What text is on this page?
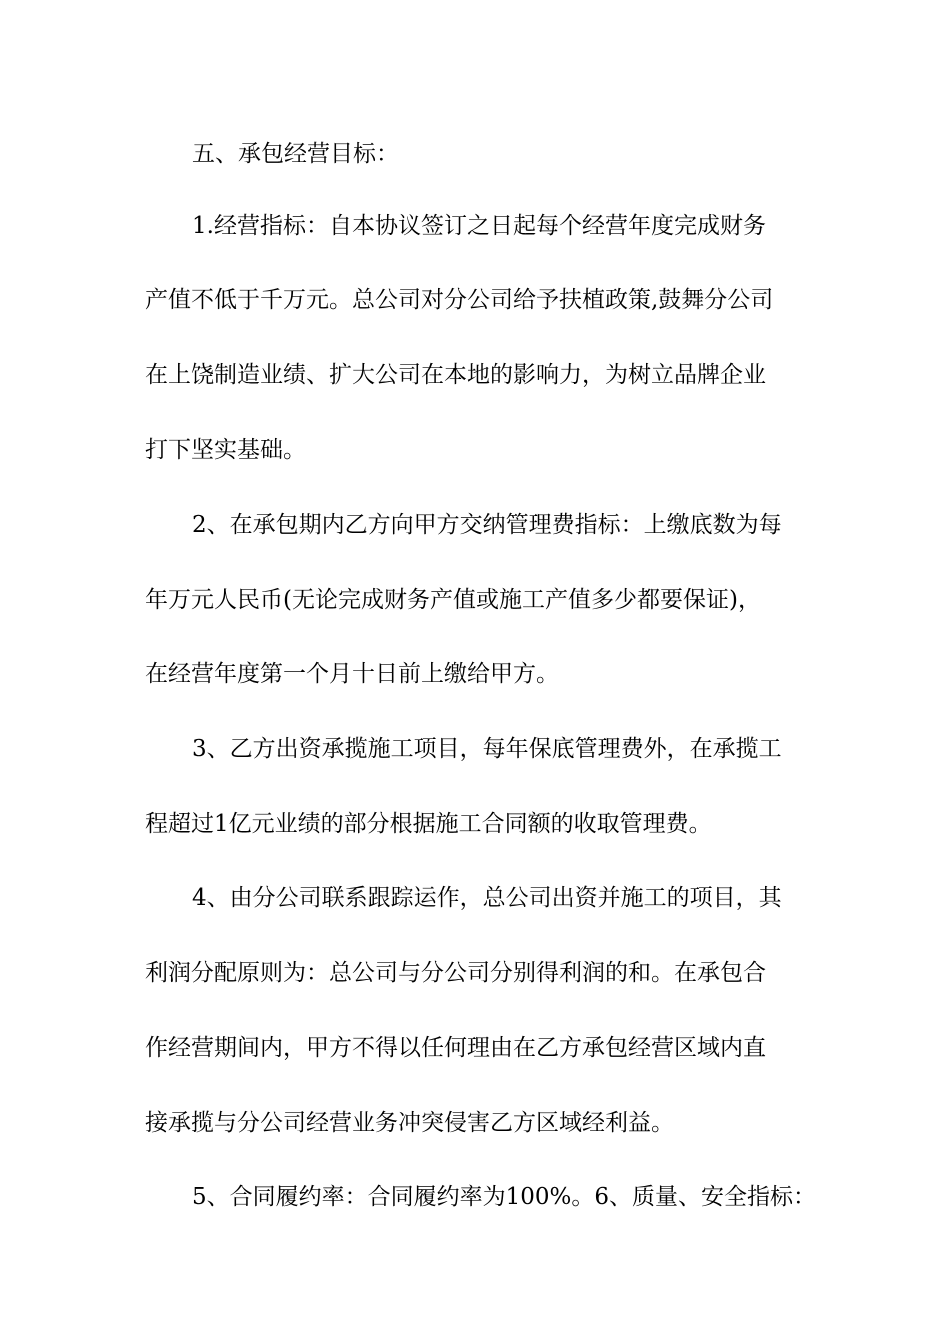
五、承包经营目标：
1.经营指标：自本协议签订之日起每个经营年度完成财务
产值不低于千万元。总公司对分公司给予扶植政策,鼓舞分公司
在上饶制造业绩、扩大公司在本地的影响力，为树立品牌企业
打下坚实基础。
2、在承包期内乙方向甲方交纳管理费指标：上缴底数为每
年万元人民币(无论完成财务产值或施工产值多少都要保证)，
在经营年度第一个月十日前上缴给甲方。
3、乙方出资承揽施工项目，每年保底管理费外，在承揽工
程超过1亿元业绩的部分根据施工合同额的收取管理费。
4、由分公司联系跟踪运作，总公司出资并施工的项目，其
利润分配原则为：总公司与分公司分别得利润的和。在承包合
作经营期间内，甲方不得以任何理由在乙方承包经营区域内直
接承揽与分公司经营业务冲突侵害乙方区域经利益。
5、合同履约率：合同履约率为100%。6、质量、安全指标：
